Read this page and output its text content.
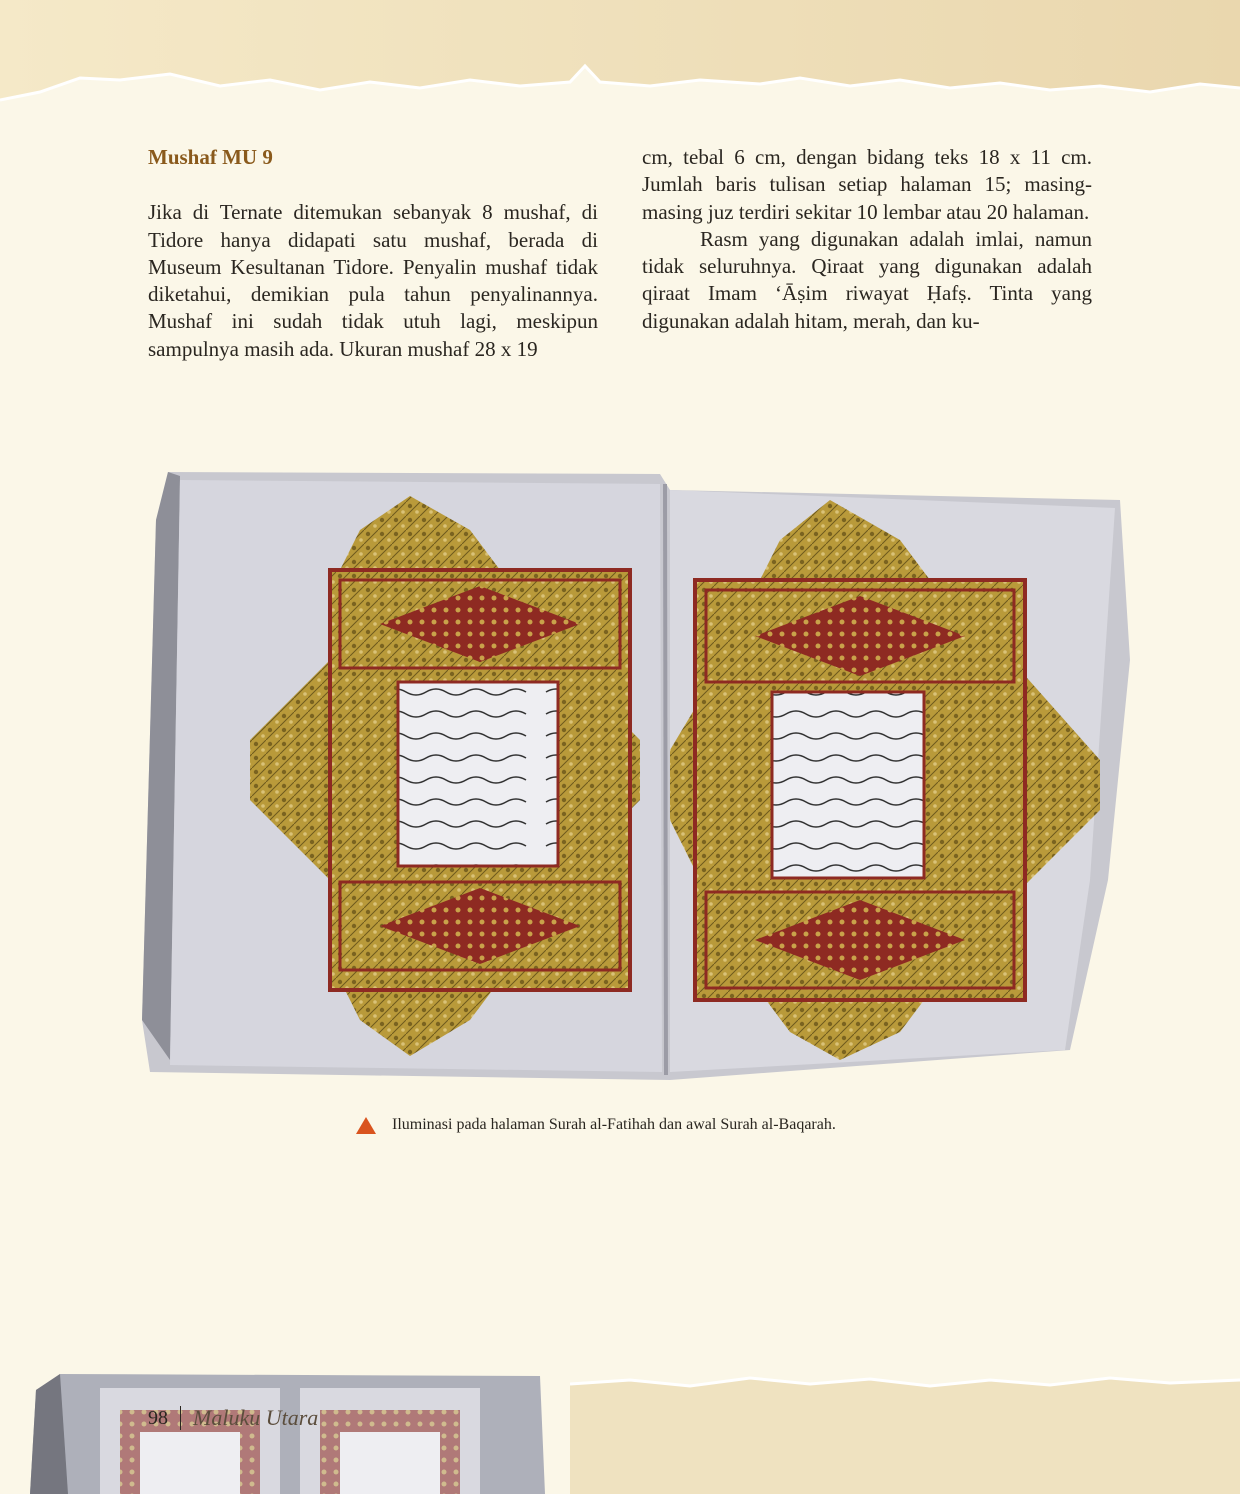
Mushaf MU 9

Jika di Ternate ditemukan sebanyak 8 mushaf, di Tidore hanya didapati satu mushaf, berada di Museum Kesultanan Tidore. Penyalin mushaf tidak diketahui, demikian pula tahun penyalinannya. Mushaf ini sudah tidak utuh lagi, meskipun sampulnya masih ada. Ukuran mushaf 28 x 19

cm, tebal 6 cm, dengan bidang teks 18 x 11 cm. Jumlah baris tulisan setiap halaman 15; masing-masing juz terdiri sekitar 10 lembar atau 20 halaman.

Rasm yang digunakan adalah imlai, namun tidak seluruhnya. Qiraat yang digunakan adalah qiraat Imam ʻĀṣim riwayat Ḥafṣ. Tinta yang digunakan adalah hitam, merah, dan ku-

Iluminasi pada halaman Surah al-Fatihah dan awal Surah al-Baqarah.
98 Maluku Utara
